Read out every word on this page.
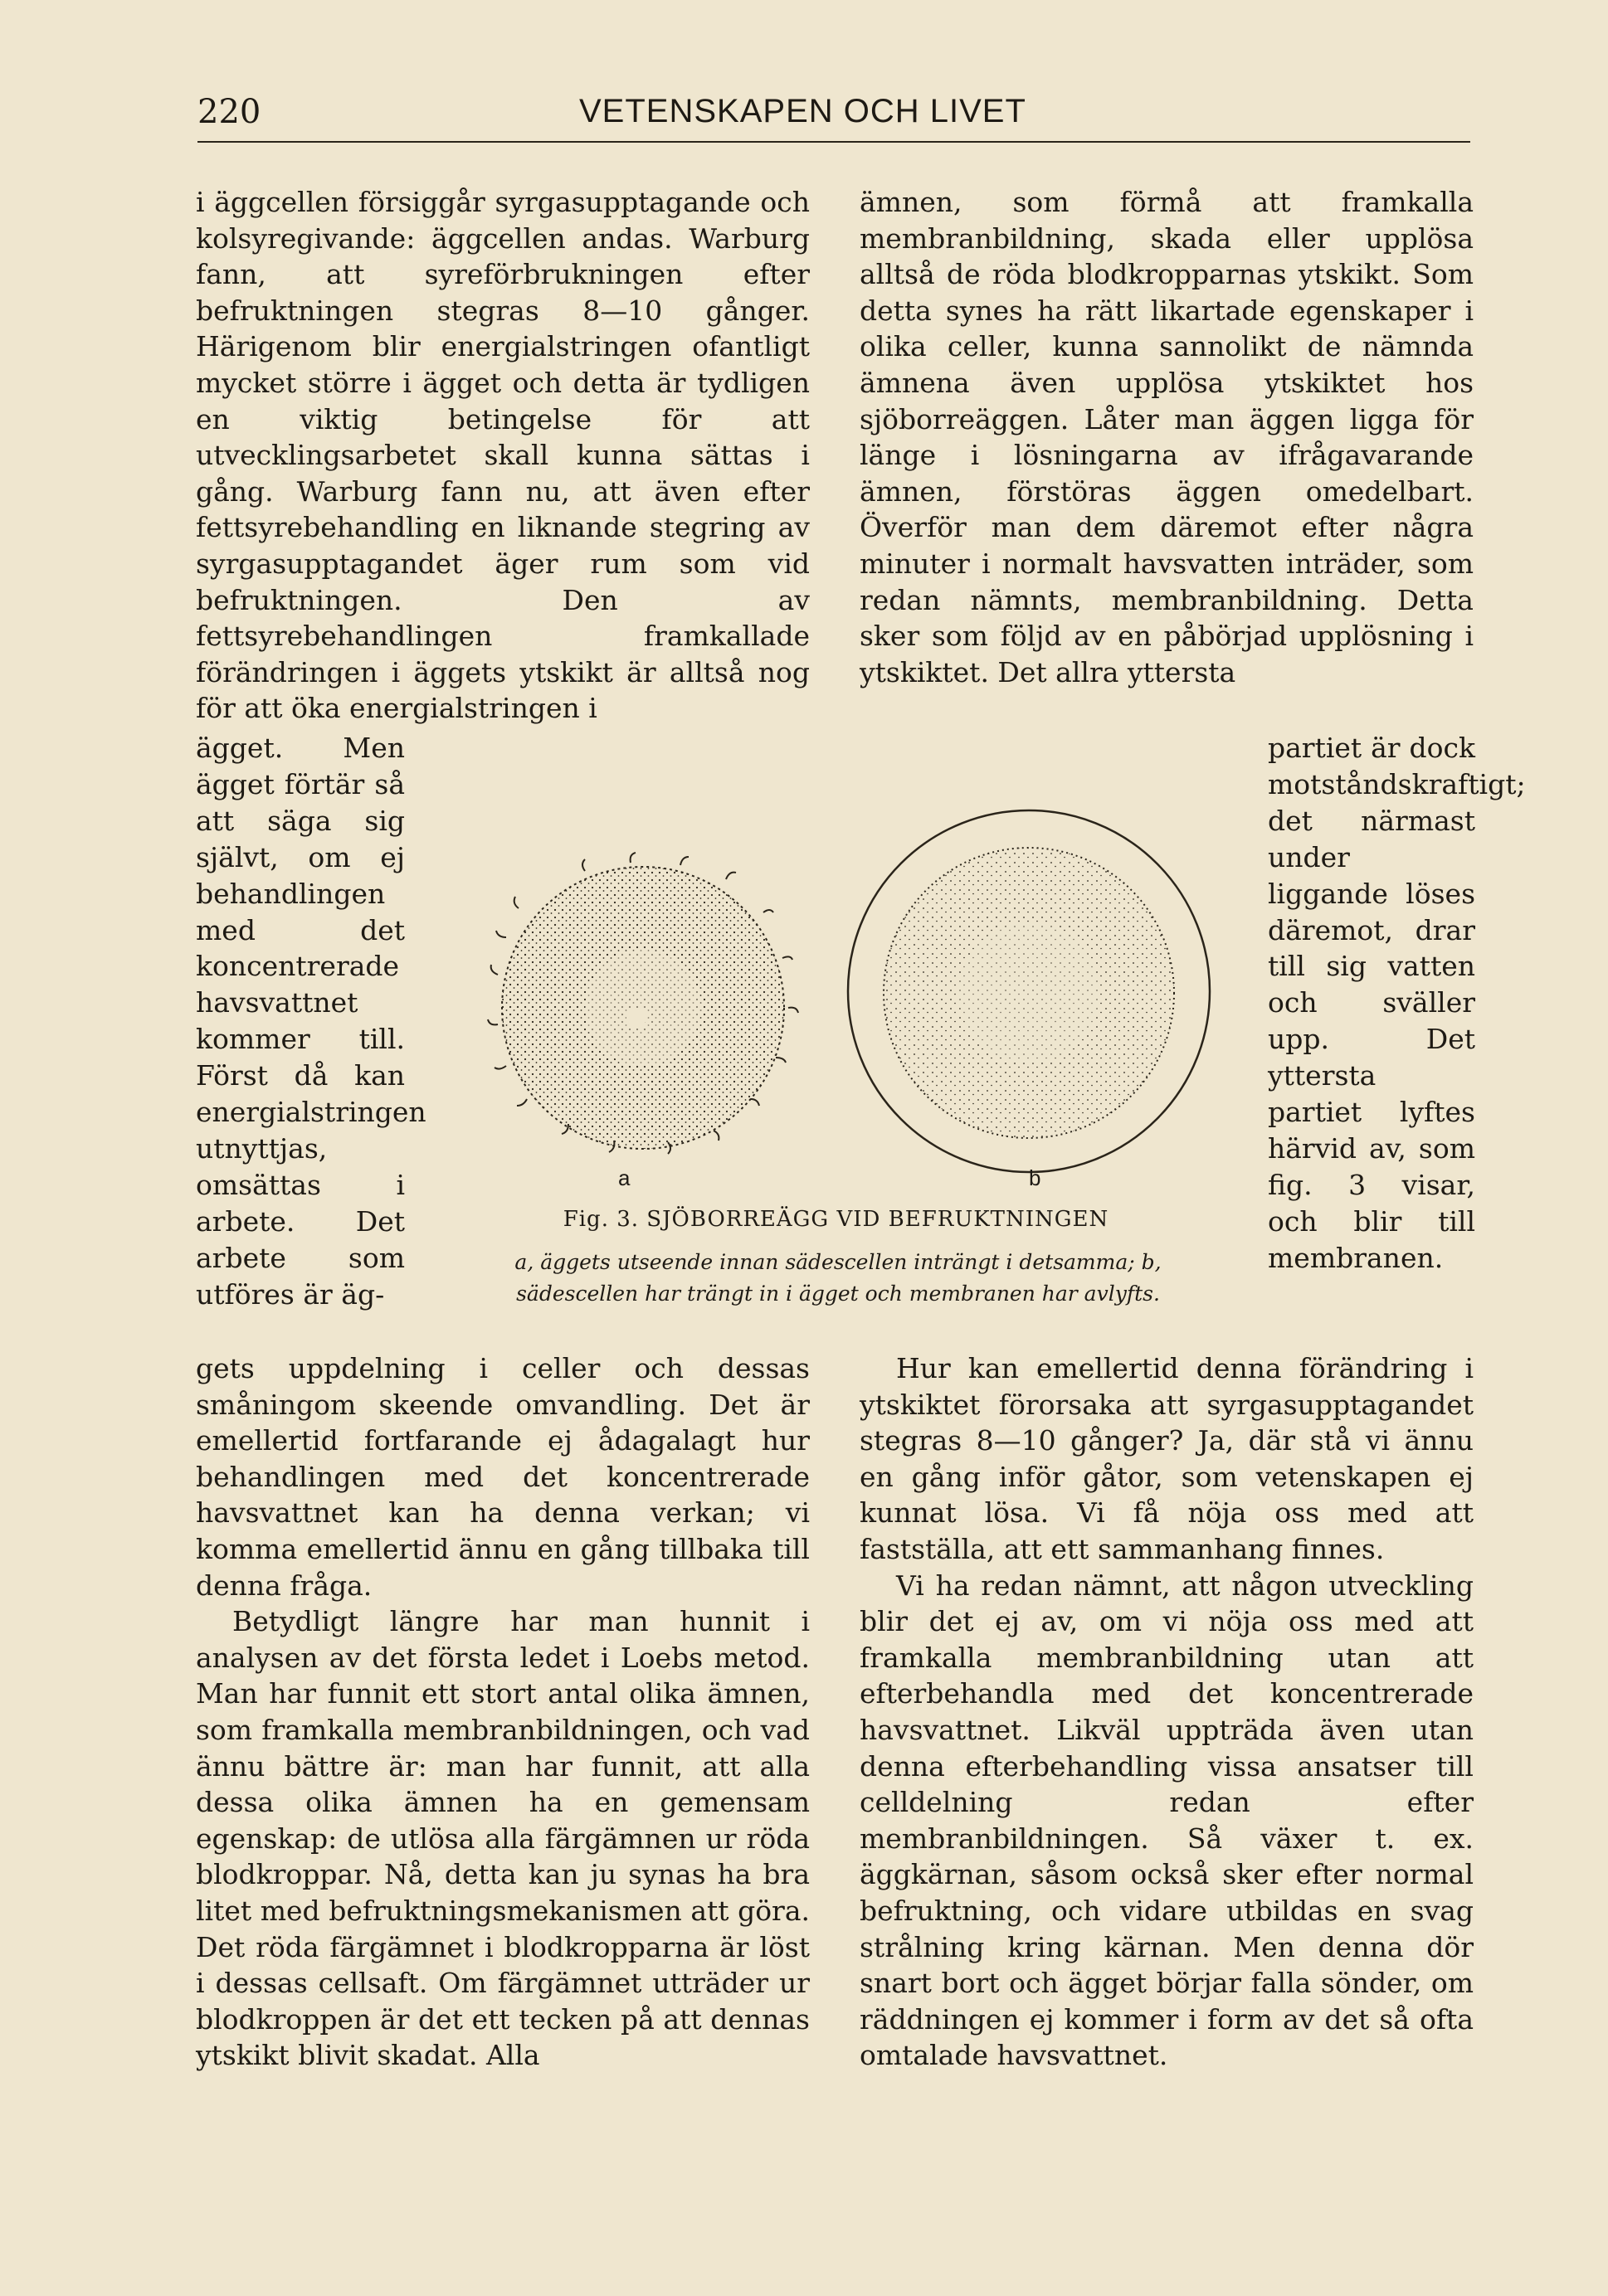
220	VETENSKAPEN OCH LIVET

i äggcellen försiggår syrgasupptagande och kolsyregivande: äggcellen andas. Warburg fann, att syreförbrukningen efter befruktningen stegras 8—10 gånger. Härigenom blir energialstringen ofantligt mycket större i ägget och detta är tydligen en viktig betingelse för att utvecklingsarbetet skall kunna sättas i gång. Warburg fann nu, att även efter fettsyrebehandling en liknande stegring av syrgasupptagandet äger rum som vid befruktningen. Den av fettsyrebehandlingen framkallade förändringen i äggets ytskikt är alltså nog för att öka energialstringen i

ämnen, som förmå att framkalla membranbildning, skada eller upplösa alltså de röda blodkropparnas ytskikt. Som detta synes ha rätt likartade egenskaper i olika celler, kunna sannolikt de nämnda ämnena även upplösa ytskiktet hos sjöborreäggen. Låter man äggen ligga för länge i lösningarna av ifrågavarande ämnen, förstöras äggen omedelbart. Överför man dem däremot efter några minuter i normalt havsvatten inträder, som redan nämnts, membranbildning. Detta sker som följd av en påbörjad upplösning i ytskiktet. Det allra yttersta

ägget. Men ägget förtär så att säga sig självt, om ej behandlingen med det koncentrerade havsvattnet kommer till. Först då kan energialstringen utnyttjas, omsättas i arbete. Det arbete som utföres är äg-

partiet är dock motståndskraftigt; det närmast under liggande löses däremot, drar till sig vatten och sväller upp. Det yttersta partiet lyftes härvid av, som fig. 3 visar, och blir till membranen.

a	b
Fig. 3. SJÖBORREÄGG VID BEFRUKTNINGEN
a, äggets utseende innan sädescellen inträngt i detsamma; b, sädescellen har trängt in i ägget och membranen har avlyfts.

gets uppdelning i celler och dessas småningom skeende omvandling. Det är emellertid fortfarande ej ådagalagt hur behandlingen med det koncentrerade havsvattnet kan ha denna verkan; vi komma emellertid ännu en gång tillbaka till denna fråga.

Betydligt längre har man hunnit i analysen av det första ledet i Loebs metod. Man har funnit ett stort antal olika ämnen, som framkalla membranbildningen, och vad ännu bättre är: man har funnit, att alla dessa olika ämnen ha en gemensam egenskap: de utlösa alla färgämnen ur röda blodkroppar. Nå, detta kan ju synas ha bra litet med befruktningsmekanismen att göra. Det röda färgämnet i blodkropparna är löst i dessas cellsaft. Om färgämnet utträder ur blodkroppen är det ett tecken på att dennas ytskikt blivit skadat. Alla

Hur kan emellertid denna förändring i ytskiktet förorsaka att syrgasupptagandet stegras 8—10 gånger? Ja, där stå vi ännu en gång inför gåtor, som vetenskapen ej kunnat lösa. Vi få nöja oss med att fastställa, att ett sammanhang finnes.

Vi ha redan nämnt, att någon utveckling blir det ej av, om vi nöja oss med att framkalla membranbildning utan att efterbehandla med det koncentrerade havsvattnet. Likväl uppträda även utan denna efterbehandling vissa ansatser till celldelning redan efter membranbildningen. Så växer t. ex. äggkärnan, såsom också sker efter normal befruktning, och vidare utbildas en svag strålning kring kärnan. Men denna dör snart bort och ägget börjar falla sönder, om räddningen ej kommer i form av det så ofta omtalade havsvattnet.
